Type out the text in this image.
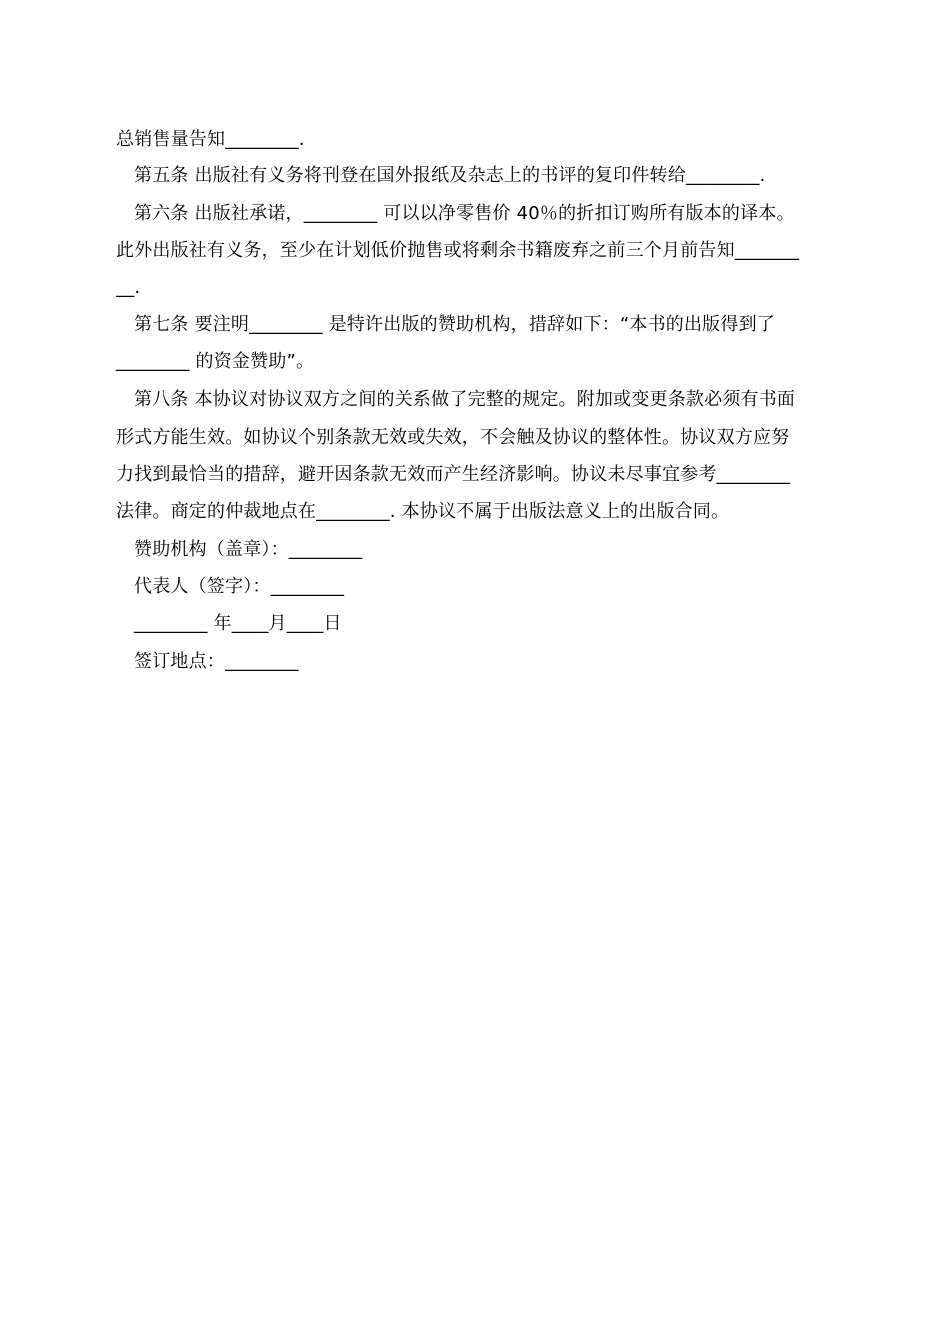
总销售量告知________.
第五条 出版社有义务将刊登在国外报纸及杂志上的书评的复印件转给________.
第六条 出版社承诺，________ 可以以净零售价 40％的折扣订购所有版本的译本。
此外出版社有义务，至少在计划低价抛售或将剩余书籍废弃之前三个月前告知_______
__.
第七条 要注明________ 是特许出版的赞助机构，措辞如下：“本书的出版得到了
________ 的资金赞助”。
第八条 本协议对协议双方之间的关系做了完整的规定。附加或变更条款必须有书面
形式方能生效。如协议个别条款无效或失效，不会触及协议的整体性。协议双方应努
力找到最恰当的措辞，避开因条款无效而产生经济影响。协议未尽事宜参考________
法律。商定的仲裁地点在________. 本协议不属于出版法意义上的出版合同。
赞助机构（盖章）：________
代表人（签字）：________
________ 年____月____日
签订地点：________
